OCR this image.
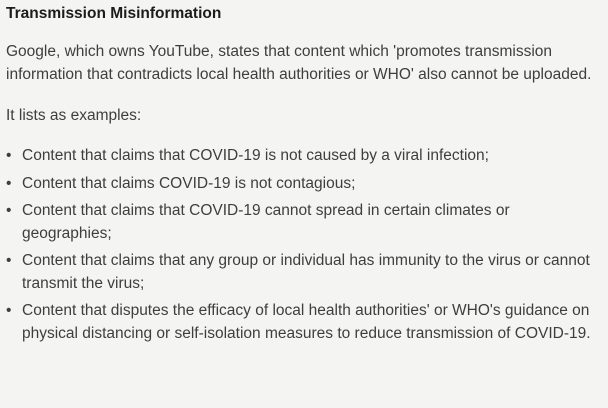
Transmission Misinformation

Google, which owns YouTube, states that content which 'promotes transmission information that contradicts local health authorities or WHO' also cannot be uploaded.

It lists as examples:

• Content that claims that COVID-19 is not caused by a viral infection;
• Content that claims COVID-19 is not contagious;
• Content that claims that COVID-19 cannot spread in certain climates or geographies;
• Content that claims that any group or individual has immunity to the virus or cannot transmit the virus;
• Content that disputes the efficacy of local health authorities' or WHO's guidance on physical distancing or self-isolation measures to reduce transmission of COVID-19.
